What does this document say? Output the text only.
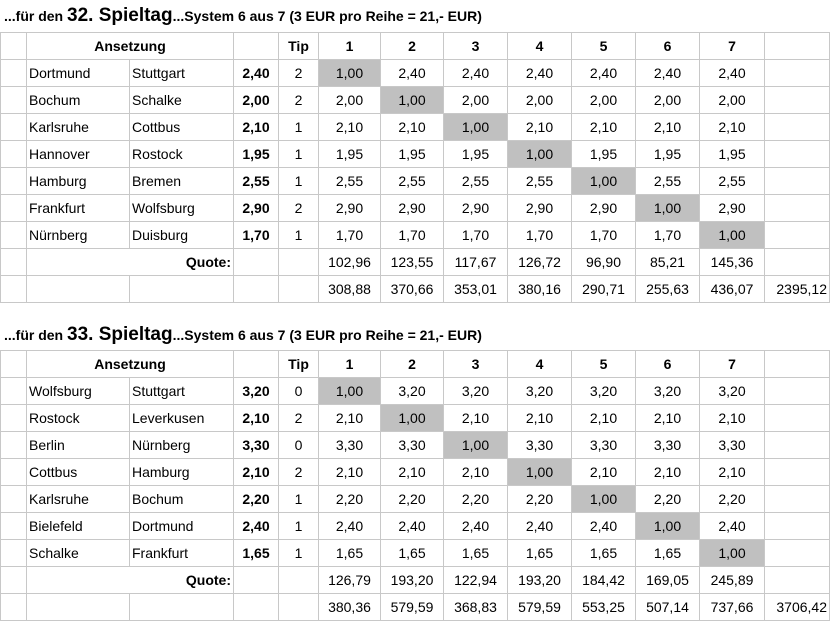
...für den 32. Spieltag...System 6 aus 7 (3 EUR pro Reihe = 21,- EUR)
	Ansetzung			Tip	1	2	3	4	5	6	7	
	Dortmund	Stuttgart	2,40	2	1,00	2,40	2,40	2,40	2,40	2,40	2,40	
	Bochum	Schalke	2,00	2	2,00	1,00	2,00	2,00	2,00	2,00	2,00	
	Karlsruhe	Cottbus	2,10	1	2,10	2,10	1,00	2,10	2,10	2,10	2,10	
	Hannover	Rostock	1,95	1	1,95	1,95	1,95	1,00	1,95	1,95	1,95	
	Hamburg	Bremen	2,55	1	2,55	2,55	2,55	2,55	1,00	2,55	2,55	
	Frankfurt	Wolfsburg	2,90	2	2,90	2,90	2,90	2,90	2,90	1,00	2,90	
	Nürnberg	Duisburg	1,70	1	1,70	1,70	1,70	1,70	1,70	1,70	1,00	
	Quote:				102,96	123,55	117,67	126,72	96,90	85,21	145,36	
					308,88	370,66	353,01	380,16	290,71	255,63	436,07	2395,12
...für den 33. Spieltag...System 6 aus 7 (3 EUR pro Reihe = 21,- EUR)
	Ansetzung			Tip	1	2	3	4	5	6	7	
	Wolfsburg	Stuttgart	3,20	0	1,00	3,20	3,20	3,20	3,20	3,20	3,20	
	Rostock	Leverkusen	2,10	2	2,10	1,00	2,10	2,10	2,10	2,10	2,10	
	Berlin	Nürnberg	3,30	0	3,30	3,30	1,00	3,30	3,30	3,30	3,30	
	Cottbus	Hamburg	2,10	2	2,10	2,10	2,10	1,00	2,10	2,10	2,10	
	Karlsruhe	Bochum	2,20	1	2,20	2,20	2,20	2,20	1,00	2,20	2,20	
	Bielefeld	Dortmund	2,40	1	2,40	2,40	2,40	2,40	2,40	1,00	2,40	
	Schalke	Frankfurt	1,65	1	1,65	1,65	1,65	1,65	1,65	1,65	1,00	
	Quote:				126,79	193,20	122,94	193,20	184,42	169,05	245,89	
					380,36	579,59	368,83	579,59	553,25	507,14	737,66	3706,42
